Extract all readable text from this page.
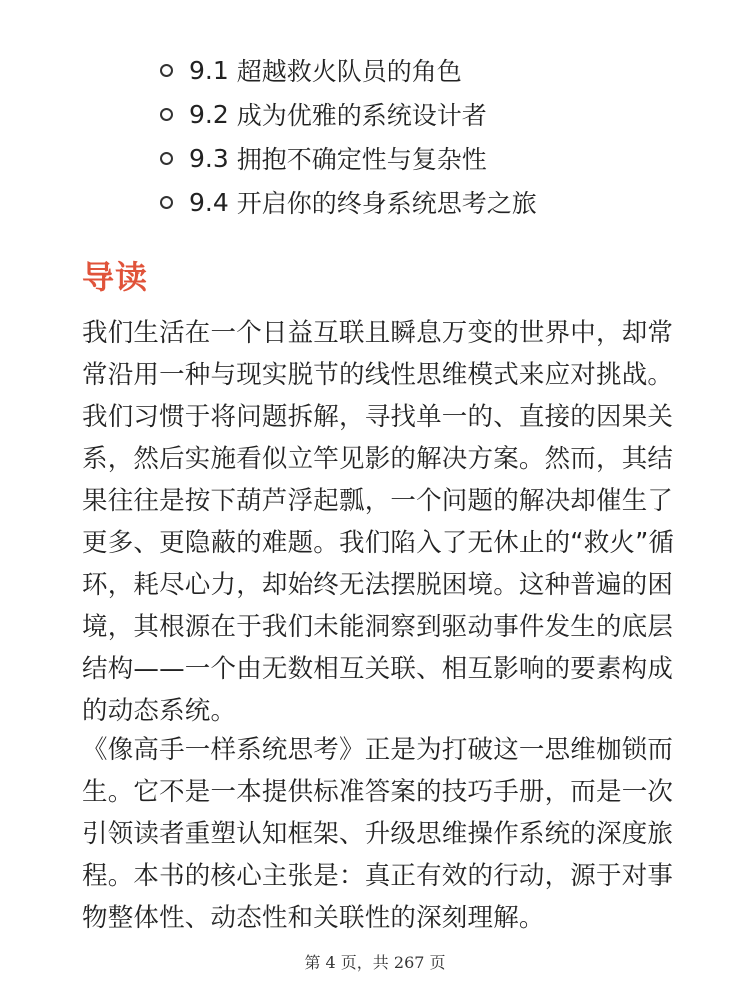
9.1
超越救火队员的角色
9.2
成为优雅的系统设计者
9.3
拥抱不确定性与复杂性
9.4
开启你的终身系统思考之旅
导读

我们生活在一个日益互联且瞬息万变的世界中，却常常沿用一种与现实脱节的线性思维模式来应对挑战。我们习惯于将问题拆解，寻找单一的、直接的因果关系，然后实施看似立竿见影的解决方案。然而，其结果往往是按下葫芦浮起瓢，一个问题的解决却催生了更多、更隐蔽的难题。我们陷入了无休止的“救火”循环，耗尽心力，却始终无法摆脱困境。这种普遍的困境，其根源在于我们未能洞察到驱动事件发生的底层结构——一个由无数相互关联、相互影响的要素构成的动态系统。

《像高手一样系统思考》正是为打破这一思维枷锁而生。它不是一本提供标准答案的技巧手册，而是一次引领读者重塑认知框架、升级思维操作系统的深度旅程。本书的核心主张是：真正有效的行动，源于对事物整体性、动态性和关联性的深刻理解。

第 4 页，共 267 页
